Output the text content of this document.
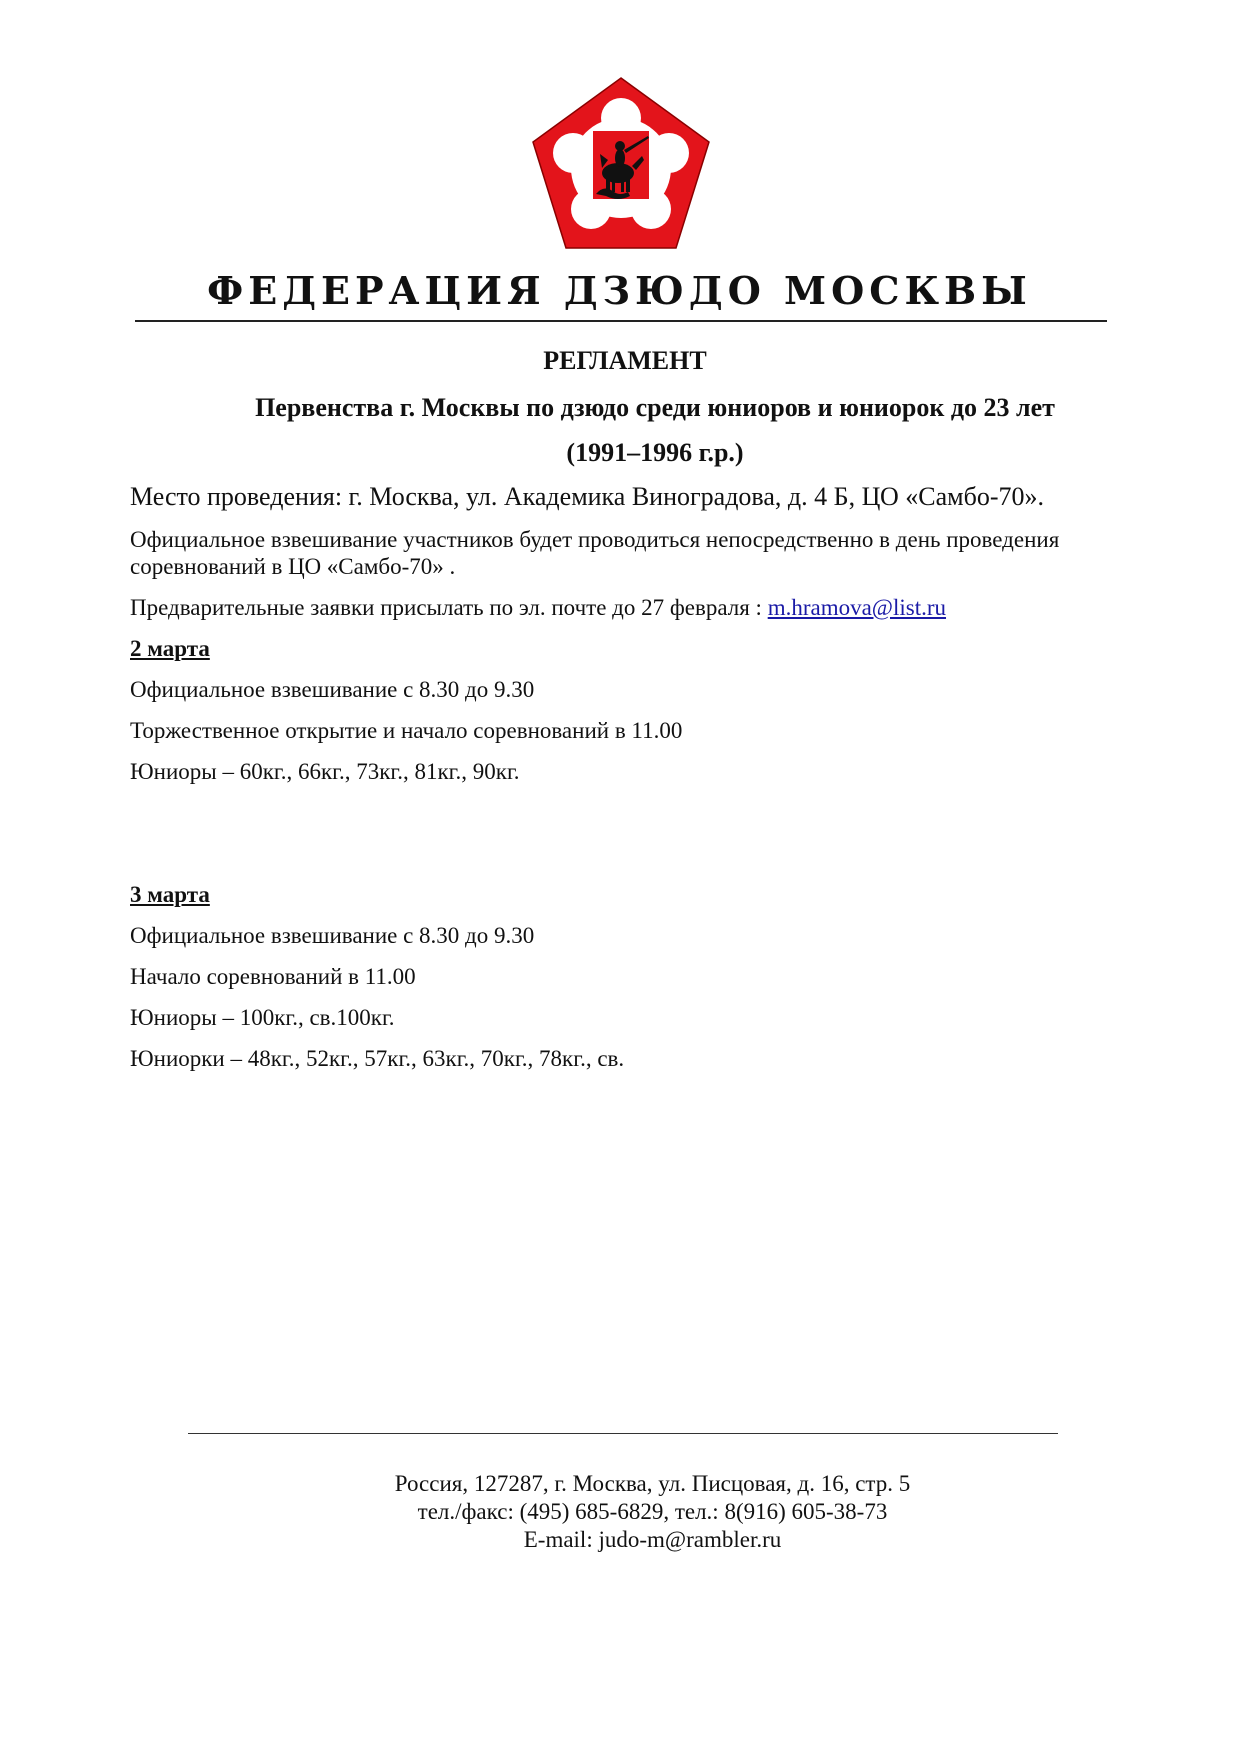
ФЕДЕРАЦИЯ ДЗЮДО МОСКВЫ
РЕГЛАМЕНТ
Первенства г. Москвы по дзюдо среди юниоров и юниорок до 23 лет
(1991–1996 г.р.)
Место проведения: г. Москва, ул. Академика Виноградова, д. 4 Б, ЦО «Самбо-70».
Официальное взвешивание участников будет проводиться непосредственно в день проведения соревнований в ЦО «Самбо-70» .
Предварительные заявки присылать по эл. почте до 27 февраля : m.hramova@list.ru
2 марта
Официальное взвешивание с 8.30 до 9.30
Торжественное открытие и начало соревнований в 11.00
Юниоры – 60кг., 66кг., 73кг., 81кг., 90кг.
3 марта
Официальное взвешивание с 8.30 до 9.30
Начало соревнований в 11.00
Юниоры – 100кг., св.100кг.
Юниорки – 48кг., 52кг., 57кг., 63кг., 70кг., 78кг., св.
Россия, 127287, г. Москва, ул. Писцовая, д. 16, стр. 5
тел./факс: (495) 685-6829, тел.: 8(916) 605-38-73
E-mail: judo-m@rambler.ru
